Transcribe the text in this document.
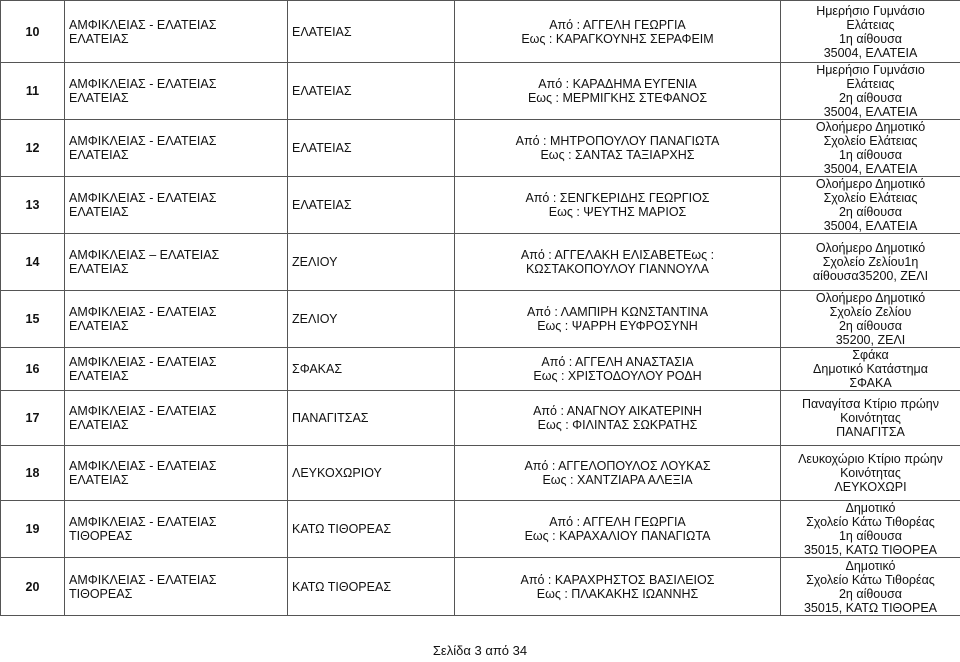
10	ΑΜΦΙΚΛΕΙΑΣ - ΕΛΑΤΕΙΑΣ
ΕΛΑΤΕΙΑΣ	ΕΛΑΤΕΙΑΣ	Από : ΑΓΓΕΛΗ ΓΕΩΡΓΙΑ
Εως : ΚΑΡΑΓΚΟΥΝΗΣ ΣΕΡΑΦΕΙΜ	Ημερήσιο Γυμνάσιο
Ελάτειας
1η αίθουσα
35004, ΕΛΑΤΕΙΑ

11	ΑΜΦΙΚΛΕΙΑΣ - ΕΛΑΤΕΙΑΣ
ΕΛΑΤΕΙΑΣ	ΕΛΑΤΕΙΑΣ	Από : ΚΑΡΑΔΗΜΑ ΕΥΓΕΝΙΑ
Εως : ΜΕΡΜΙΓΚΗΣ ΣΤΕΦΑΝΟΣ	Ημερήσιο Γυμνάσιο
Ελάτειας
2η αίθουσα
35004, ΕΛΑΤΕΙΑ

12	ΑΜΦΙΚΛΕΙΑΣ - ΕΛΑΤΕΙΑΣ
ΕΛΑΤΕΙΑΣ	ΕΛΑΤΕΙΑΣ	Από : ΜΗΤΡΟΠΟΥΛΟΥ ΠΑΝΑΓΙΩΤΑ
Εως : ΣΑΝΤΑΣ ΤΑΞΙΑΡΧΗΣ	Ολοήμερο Δημοτικό
Σχολείο Ελάτειας
1η αίθουσα
35004, ΕΛΑΤΕΙΑ

13	ΑΜΦΙΚΛΕΙΑΣ - ΕΛΑΤΕΙΑΣ
ΕΛΑΤΕΙΑΣ	ΕΛΑΤΕΙΑΣ	Από : ΣΕΝΓΚΕΡΙΔΗΣ ΓΕΩΡΓΙΟΣ
Εως : ΨΕΥΤΗΣ ΜΑΡΙΟΣ	Ολοήμερο Δημοτικό
Σχολείο Ελάτειας
2η αίθουσα
35004, ΕΛΑΤΕΙΑ

14	ΑΜΦΙΚΛΕΙΑΣ – ΕΛΑΤΕΙΑΣ
ΕΛΑΤΕΙΑΣ	ΖΕΛΙΟΥ	Από : ΑΓΓΕΛΑΚΗ ΕΛΙΣΑΒΕΤΕως :
ΚΩΣΤΑΚΟΠΟΥΛΟΥ ΓΙΑΝΝΟΥΛΑ	Ολοήμερο Δημοτικό
Σχολείο Ζελίου1η
αίθουσα35200, ΖΕΛΙ

15	ΑΜΦΙΚΛΕΙΑΣ - ΕΛΑΤΕΙΑΣ
ΕΛΑΤΕΙΑΣ	ΖΕΛΙΟΥ	Από : ΛΑΜΠΙΡΗ ΚΩΝΣΤΑΝΤΙΝΑ
Εως : ΨΑΡΡΗ ΕΥΦΡΟΣΥΝΗ	Ολοήμερο Δημοτικό
Σχολείο Ζελίου
2η αίθουσα
35200, ΖΕΛΙ

16	ΑΜΦΙΚΛΕΙΑΣ - ΕΛΑΤΕΙΑΣ
ΕΛΑΤΕΙΑΣ	ΣΦΑΚΑΣ	Από : ΑΓΓΕΛΗ ΑΝΑΣΤΑΣΙΑ
Εως : ΧΡΙΣΤΟΔΟΥΛΟΥ ΡΟΔΗ	Σφάκα
Δημοτικό Κατάστημα
ΣΦΑΚΑ

17	ΑΜΦΙΚΛΕΙΑΣ - ΕΛΑΤΕΙΑΣ
ΕΛΑΤΕΙΑΣ	ΠΑΝΑΓΙΤΣΑΣ	Από : ΑΝΑΓΝΟΥ ΑΙΚΑΤΕΡΙΝΗ
Εως : ΦΙΛΙΝΤΑΣ ΣΩΚΡΑΤΗΣ	Παναγίτσα Κτίριο πρώην
Κοινότητας
ΠΑΝΑΓΙΤΣΑ

18	ΑΜΦΙΚΛΕΙΑΣ - ΕΛΑΤΕΙΑΣ
ΕΛΑΤΕΙΑΣ	ΛΕΥΚΟΧΩΡΙΟΥ	Από : ΑΓΓΕΛΟΠΟΥΛΟΣ ΛΟΥΚΑΣ
Εως : ΧΑΝΤΖΙΑΡΑ ΑΛΕΞΙΑ	Λευκοχώριο Κτίριο πρώην
Κοινότητας
ΛΕΥΚΟΧΩΡΙ

19	ΑΜΦΙΚΛΕΙΑΣ - ΕΛΑΤΕΙΑΣ
ΤΙΘΟΡΕΑΣ	ΚΑΤΩ ΤΙΘΟΡΕΑΣ	Από : ΑΓΓΕΛΗ ΓΕΩΡΓΙΑ
Εως : ΚΑΡΑΧΑΛΙΟΥ ΠΑΝΑΓΙΩΤΑ	Δημοτικό
Σχολείο Κάτω Τιθορέας
1η αίθουσα
35015, ΚΑΤΩ ΤΙΘΟΡΕΑ

20	ΑΜΦΙΚΛΕΙΑΣ - ΕΛΑΤΕΙΑΣ
ΤΙΘΟΡΕΑΣ	ΚΑΤΩ ΤΙΘΟΡΕΑΣ	Από : ΚΑΡΑΧΡΗΣΤΟΣ ΒΑΣΙΛΕΙΟΣ
Εως : ΠΛΑΚΑΚΗΣ ΙΩΑΝΝΗΣ	Δημοτικό
Σχολείο Κάτω Τιθορέας
2η αίθουσα
35015, ΚΑΤΩ ΤΙΘΟΡΕΑ
Σελίδα 3 από 34
